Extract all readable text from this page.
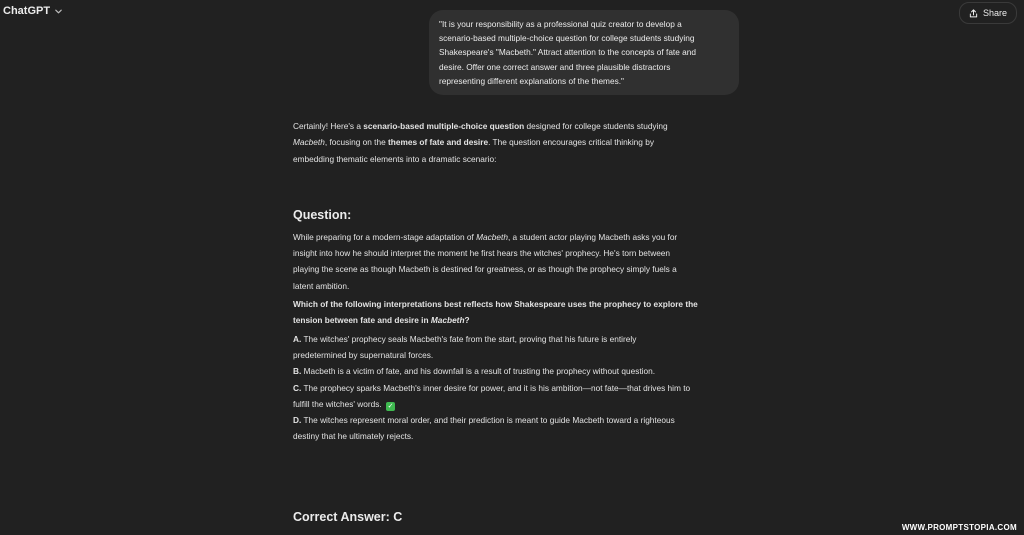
ChatGPT	Share
"It is your responsibility as a professional quiz creator to develop a
scenario-based multiple-choice question for college students studying
Shakespeare's "Macbeth." Attract attention to the concepts of fate and
desire. Offer one correct answer and three plausible distractors
representing different explanations of the themes."

Certainly! Here's a scenario-based multiple-choice question designed for college students studying
Macbeth, focusing on the themes of fate and desire. The question encourages critical thinking by
embedding thematic elements into a dramatic scenario:

Question:

While preparing for a modern-stage adaptation of Macbeth, a student actor playing Macbeth asks you for
insight into how he should interpret the moment he first hears the witches' prophecy. He's torn between
playing the scene as though Macbeth is destined for greatness, or as though the prophecy simply fuels a
latent ambition.

Which of the following interpretations best reflects how Shakespeare uses the prophecy to explore the
tension between fate and desire in Macbeth?

A. The witches' prophecy seals Macbeth's fate from the start, proving that his future is entirely
predetermined by supernatural forces.

B. Macbeth is a victim of fate, and his downfall is a result of trusting the prophecy without question.

C. The prophecy sparks Macbeth's inner desire for power, and it is his ambition—not fate—that drives him to
fulfill the witches' words. ✓

D. The witches represent moral order, and their prediction is meant to guide Macbeth toward a righteous
destiny that he ultimately rejects.

Correct Answer: C
WWW.PROMPTSTOPIA.COM
